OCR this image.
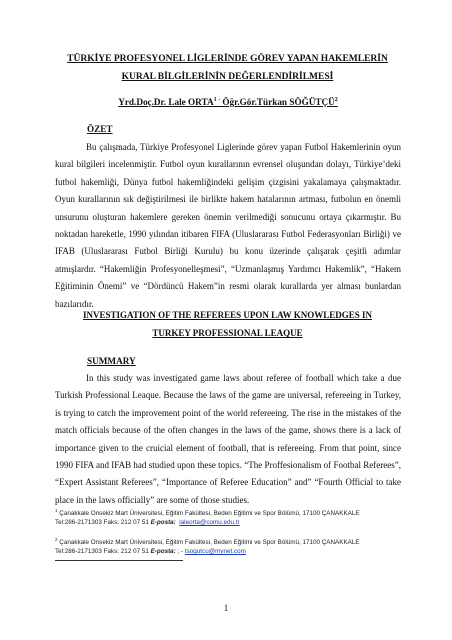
TÜRKİYE PROFESYONEL LİGLERİNDE GÖREV YAPAN HAKEMLERİN
KURAL BİLGİLERİNİN DEĞERLENDİRİLMESİ
Yrd.Doç.Dr. Lale $ORTA^{1 -}$ Öğr.Gör.Türkan SÖĞÜTÇÜ$^2$
ÖZET
Bu çalışmada, Türkiye Profesyonel Liglerinde görev yapan Futbol Hakemlerinin oyun kural bilgileri incelenmiştir. Futbol oyun kurallarının evrensel oluşundan dolayı, Türkiye’deki futbol hakemliği, Dünya futbol hakemliğindeki gelişim çizgisini yakalamaya çalışmaktadır. Oyun kurallarının sık değiştirilmesi ile birlikte hakem hatalarının artması, futbolun en önemli unsurunu oluşturan hakemlere gereken önemin verilmediği sonucunu ortaya çıkarmıştır. Bu noktadan hareketle, 1990 yılından itibaren FIFA (Uluslararası Futbol Federasyonları Birliği) ve IFAB (Uluslararası Futbol Birliği Kurulu) bu konu üzerinde çalışarak çeşitli adımlar atmışlardır. “Hakemliğin Profesyonelleşmesi”, “Uzmanlaşmış Yardımcı Hakemlik”, “Hakem Eğitiminin Önemi” ve “Dördüncü Hakem”in resmi olarak kurallarda yer alması bunlardan bazılarıdır.
INVESTIGATION OF THE REFEREES UPON LAW KNOWLEDGES IN
TURKEY PROFESSIONAL LEAQUE
SUMMARY
In this study was investigated game laws about referee of football which take a due Turkish Professional Leaque. Because the laws of the game are universal, refereeing in Turkey, is trying to catch the improvement point of the world refereeing. The rise in the mistakes of the match officials because of the often changes in the laws of the game, shows there is a lack of importance given to the cruicial element of football, that is refereeing. From that point, since 1990 FIFA and IFAB had studied upon these topics. “The Proffesionalism of Footbal Referees”, “Expert Assistant Referees”, “Importance of Referee Education” and” “Fourth Official to take place in the laws officially” are some of those studies.
$^1$ Çanakkale Onsekiz Mart Üniversitesi, Eğitim Fakültesi, Beden Eğitimi ve Spor Bölümü, 17100 ÇANAKKALE
Tel:286-2171303 Faks: 212 07 51 E-posta: laleorta@comu.edu.tr
$^2$ Çanakkale Onsekiz Mart Üniversitesi, Eğitim Fakültesi, Beden Eğitimi ve Spor Bölümü, 17100 ÇANAKKALE
Tel:286-2171303 Faks: 212 07 51 E-posta: ; - tsogutcu@mynet.com
1
